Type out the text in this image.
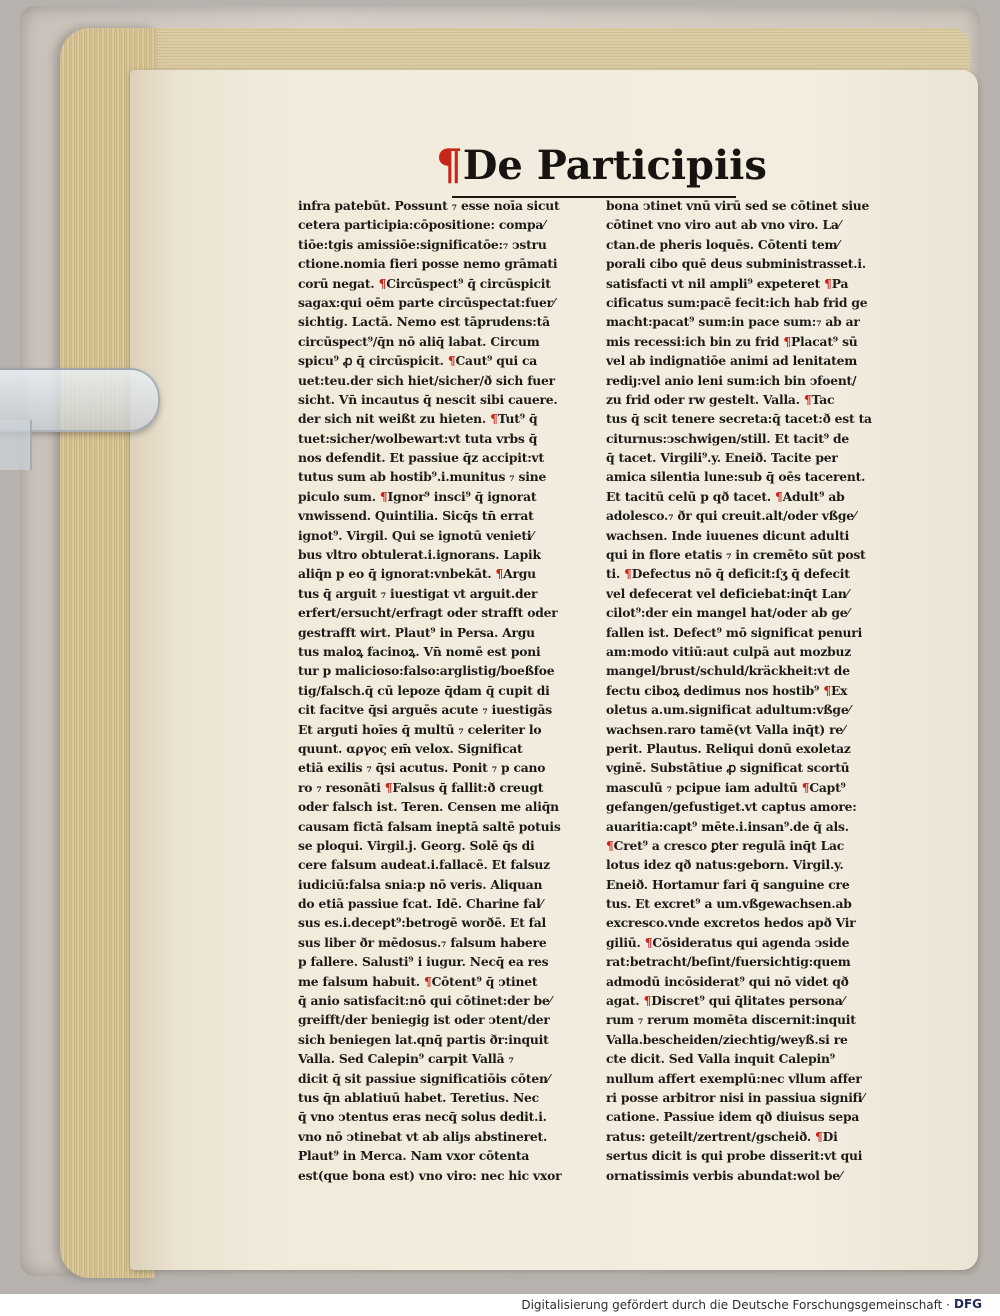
¶De Participiis
infra patebūt. Possunt ₇ esse noīa sicut
cetera participia:cōpositione: compa⁄
tiōe:tgis amissiōe:significatōe:₇ ↄstru
ctione.nomia fieri posse nemo grāmati
corū negat. ¶Circūspect⁹ q̄ circūspicit
sagax:qui oēm parte circūspectat:fuer⁄
sichtig. Lactā. Nemo est tāprudens:tā
circūspect⁹/q̄n nō aliq̄ labat. Circum
spicu⁹ ꝓ q̄ circūspicit. ¶Caut⁹ qui ca
uet:teu.der sich hiet/sicher/ð sich fuer
sicht. Vn̄ incautus q̄ nescit sibi cauere.
der sich nit weißt zu hieten. ¶Tut⁹ q̄
tuet:sicher/wolbewart:vt tuta vrbs q̄
nos defendit. Et passiue q̄z accipit:vt
tutus sum ab hostib⁹.i.munitus ₇ sine
piculo sum. ¶Ignor⁹ insci⁹ q̄ ignorat
vnwissend. Quintilia. Sicq̄s tn̄ errat
ignot⁹. Virgil. Qui se ignotū venieti⁄
bus vltro obtulerat.i.ignorans. Lapik
aliq̄n p eo q̄ ignorat:vnbekāt. ¶Argu
tus q̄ arguit ₇ iuestigat vt arguit.der
erfert/ersucht/erfragt oder strafft oder
gestrafft wirt. Plaut⁹ in Persa. Argu
tus maloꝝ facinoꝝ. Vn̄ nomē est poni
tur p malicioso:falso:arglistig/boeßfoe
tig/falsch.q̄ cū lepoze q̄dam q̄ cupit di
cit facitve q̄si arguēs acute ₇ iuestigās
Et arguti hoīes q̄ multū ₇ celeriter lo
quunt. αργος em̄ velox. Significat
etiā exilis ₇ q̄si acutus. Ponit ₇ p cano
ro ₇ resonāti ¶Falsus q̄ fallit:ð creugt
oder falsch ist. Teren. Censen me aliq̄n
causam fictā falsam ineptā saltē potuis
se ploqui. Virgil.j. Georg. Solē q̄s di
cere falsum audeat.i.fallacē. Et falsuz
iudiciū:falsa snia:p nō veris. Aliquan
do etiā passiue fcat. Idē. Charine fal⁄
sus es.i.decept⁹:betrogē worðē. Et fal
sus liber ðr mēdosus.₇ falsum habere
p fallere. Salusti⁹ i iugur. Necq̄ ea res
me falsum habuit. ¶Cōtent⁹ q̄ ↄtinet
q̄ anio satisfacit:nō qui cōtinet:der be⁄
greifft/der beniegig ist oder ↄtent/der
sich beniegen lat.qnq̄ partis ðr:inquit
Valla. Sed Calepin⁹ carpit Vallā ₇
dicit q̄ sit passiue significatiōis cōten⁄
tus q̄n ablatiuū habet. Teretius. Nec
q̄ vno ↄtentus eras necq̄ solus dedit.i.
vno nō ↄtinebat vt ab aliȷs abstineret.
Plaut⁹ in Merca. Nam vxor cōtenta
est(que bona est) vno viro: nec hic vxor
bona ↄtinet vnū virū sed se cōtinet siue
cōtinet vno viro aut ab vno viro. La⁄
ctan.de pheris loquēs. Cōtenti tem⁄
porali cibo quē deus subministrasset.i.
satisfacti vt nil ampli⁹ expeteret ¶Pa
cificatus sum:pacē fecit:ich hab frid ge
macht:pacat⁹ sum:in pace sum:₇ ab ar
mis recessi:ich bin zu frid ¶Placat⁹ sū
vel ab indignatiōe animi ad lenitatem
rediȷ:vel anio leni sum:ich bin ↄfoent/
zu frid oder rw gestelt. Valla. ¶Tac
tus q̄ scit tenere secreta:q̄ tacet:ð est ta
citurnus:ↄschwigen/still. Et tacit⁹ de
q̄ tacet. Virgili⁹.y. Eneið. Tacite per
amica silentia lune:sub q̄ oēs tacerent.
Et tacitū celū p qð tacet. ¶Adult⁹ ab
adolesco.₇ ðr qui creuit.alt/oder vßge⁄
wachsen. Inde iuuenes dicunt adulti
qui in flore etatis ₇ in cremēto sūt post
ti. ¶Defectus nō q̄ deficit:ſʒ q̄ defecit
vel defecerat vel deficiebat:inq̄t Lan⁄
cilot⁹:der ein mangel hat/oder ab ge⁄
fallen ist. Defect⁹ mō significat penuri
am:modo vitiū:aut culpā aut mozbuz
mangel/brust/schuld/kräckheit:vt de
fectu ciboꝝ dedimus nos hostib⁹ ¶Ex
oletus a.um.significat adultum:vßge⁄
wachsen.raro tamē(vt Valla inq̄t) re⁄
perit. Plautus. Reliqui donū exoletaz
vginē. Substātiue ꝓ significat scortū
masculū ₇ pcipue iam adultū ¶Capt⁹
gefangen/gefustiget.vt captus amore:
auaritia:capt⁹ mēte.i.insan⁹.de q̄ als.
¶Cret⁹ a cresco ꝑter regulā inq̄t Lac
lotus idez qð natus:geborn. Virgil.y.
Eneið. Hortamur fari q̄ sanguine cre
tus. Et excret⁹ a um.vßgewachsen.ab
excresco.vnde excretos hedos apð Vir
giliū. ¶Cōsideratus qui agenda ↄside
rat:betracht/beſint/fuersichtig:quem
admodū incōsiderat⁹ qui nō videt qð
agat. ¶Discret⁹ qui q̄litates persona⁄
rum ₇ rerum momēta discernit:inquit
Valla.bescheiden/ziechtig/weyß.si re
cte dicit. Sed Valla inquit Calepin⁹
nullum affert exemplū:nec vllum affer
ri posse arbitror nisi in passiua signifi⁄
catione. Passiue idem qð diuisus sepa
ratus: geteilt/zertrent/gscheið. ¶Di
sertus dicit is qui probe disserit:vt qui
ornatissimis verbis abundat:wol be⁄
Digitalisierung gefördert durch die Deutsche Forschungsgemeinschaft · DFG
